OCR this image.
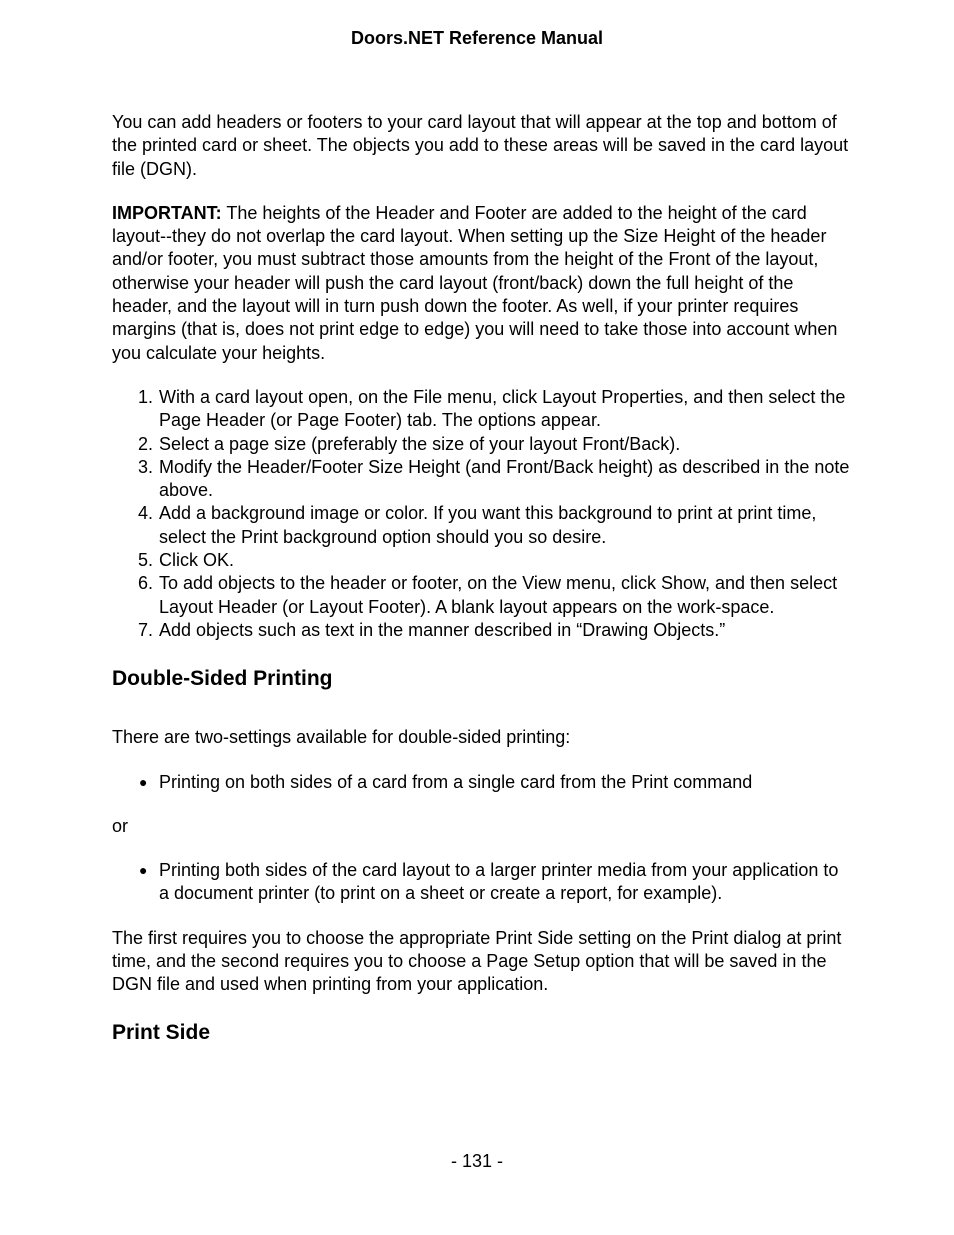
Doors.NET Reference Manual

You can add headers or footers to your card layout that will appear at the top and bottom of the printed card or sheet. The objects you add to these areas will be saved in the card layout file (DGN).

IMPORTANT: The heights of the Header and Footer are added to the height of the card layout--they do not overlap the card layout. When setting up the Size Height of the header and/or footer, you must subtract those amounts from the height of the Front of the layout, otherwise your header will push the card layout (front/back) down the full height of the header, and the layout will in turn push down the footer. As well, if your printer requires margins (that is, does not print edge to edge) you will need to take those into account when you calculate your heights.

1. With a card layout open, on the File menu, click Layout Properties, and then select the Page Header (or Page Footer) tab. The options appear.
2. Select a page size (preferably the size of your layout Front/Back).
3. Modify the Header/Footer Size Height (and Front/Back height) as described in the note above.
4. Add a background image or color. If you want this background to print at print time, select the Print background option should you so desire.
5. Click OK.
6. To add objects to the header or footer, on the View menu, click Show, and then select Layout Header (or Layout Footer). A blank layout appears on the work-space.
7. Add objects such as text in the manner described in “Drawing Objects.”
Double-Sided Printing

There are two-settings available for double-sided printing:

● Printing on both sides of a card from a single card from the Print command

or

● Printing both sides of the card layout to a larger printer media from your application to a document printer (to print on a sheet or create a report, for example).

The first requires you to choose the appropriate Print Side setting on the Print dialog at print time, and the second requires you to choose a Page Setup option that will be saved in the DGN file and used when printing from your application.

Print Side
- 131 -
